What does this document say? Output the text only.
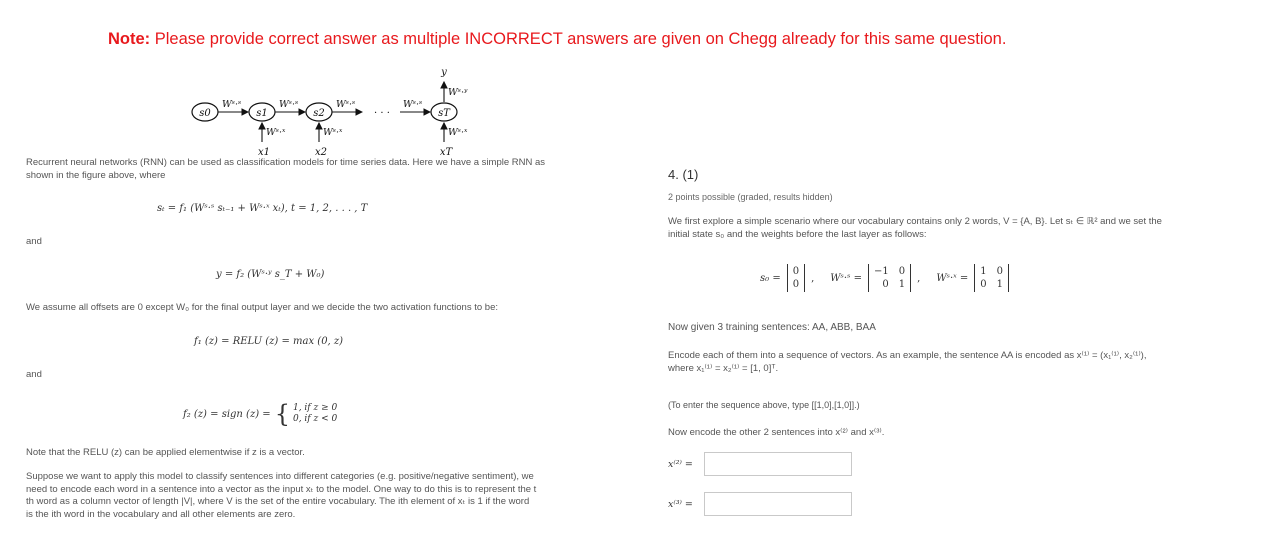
Note: Please provide correct answer as multiple INCORRECT answers are given on Chegg already for this same question.
s0	s1	s2	sT
· · ·
Wˢ·ˢ	Wˢ·ˢ	Wˢ·ˢ	Wˢ·ˢ
Wˢ·ˣ	Wˢ·ˣ	Wˢ·ˣ
x1	x2	xT
Wˢ·ʸ
y
Recurrent neural networks (RNN) can be used as classification models for time series data. Here we have a simple RNN as
shown in the figure above, where
sₜ = f₁ (Wˢ·ˢ sₜ₋₁ + Wˢ·ˣ xₜ), t = 1, 2, . . . , T
and
y = f₂ (Wˢ·ʸ s_T + W₀)
We assume all offsets are 0 except W₀ for the final output layer and we decide the two activation functions to be:
f₁ (z) = RELU (z) = max (0, z)
and
f₂ (z) = sign (z) = { 1, if z ≥ 0
0, if z < 0
Note that the RELU (z) can be applied elementwise if z is a vector.
Suppose we want to apply this model to classify sentences into different categories (e.g. positive/negative sentiment), we
need to encode each word in a sentence into a vector as the input xₜ to the model. One way to do this is to represent the t
th word as a column vector of length |V|, where V is the set of the entire vocabulary. The ith element of xₜ is 1 if the word
is the ith word in the vocabulary and all other elements are zero.
4. (1)
2 points possible (graded, results hidden)
We first explore a simple scenario where our vocabulary contains only 2 words, V = {A, B}. Let sₜ ∈ ℝ² and we set the
initial state s₀ and the weights before the last layer as follows:
s₀ =
0
0
, Wˢ·ˢ =
−1 0
0 1
, Wˢ·ˣ =
1 0
0 1
Now given 3 training sentences: AA, ABB, BAA
Encode each of them into a sequence of vectors. As an example, the sentence AA is encoded as x⁽¹⁾ = (x₁⁽¹⁾, x₂⁽¹⁾),
where x₁⁽¹⁾ = x₂⁽¹⁾ = [1, 0]ᵀ.
(To enter the sequence above, type [[1,0],[1,0]].)
Now encode the other 2 sentences into x⁽²⁾ and x⁽³⁾.
x⁽²⁾ =
x⁽³⁾ =
